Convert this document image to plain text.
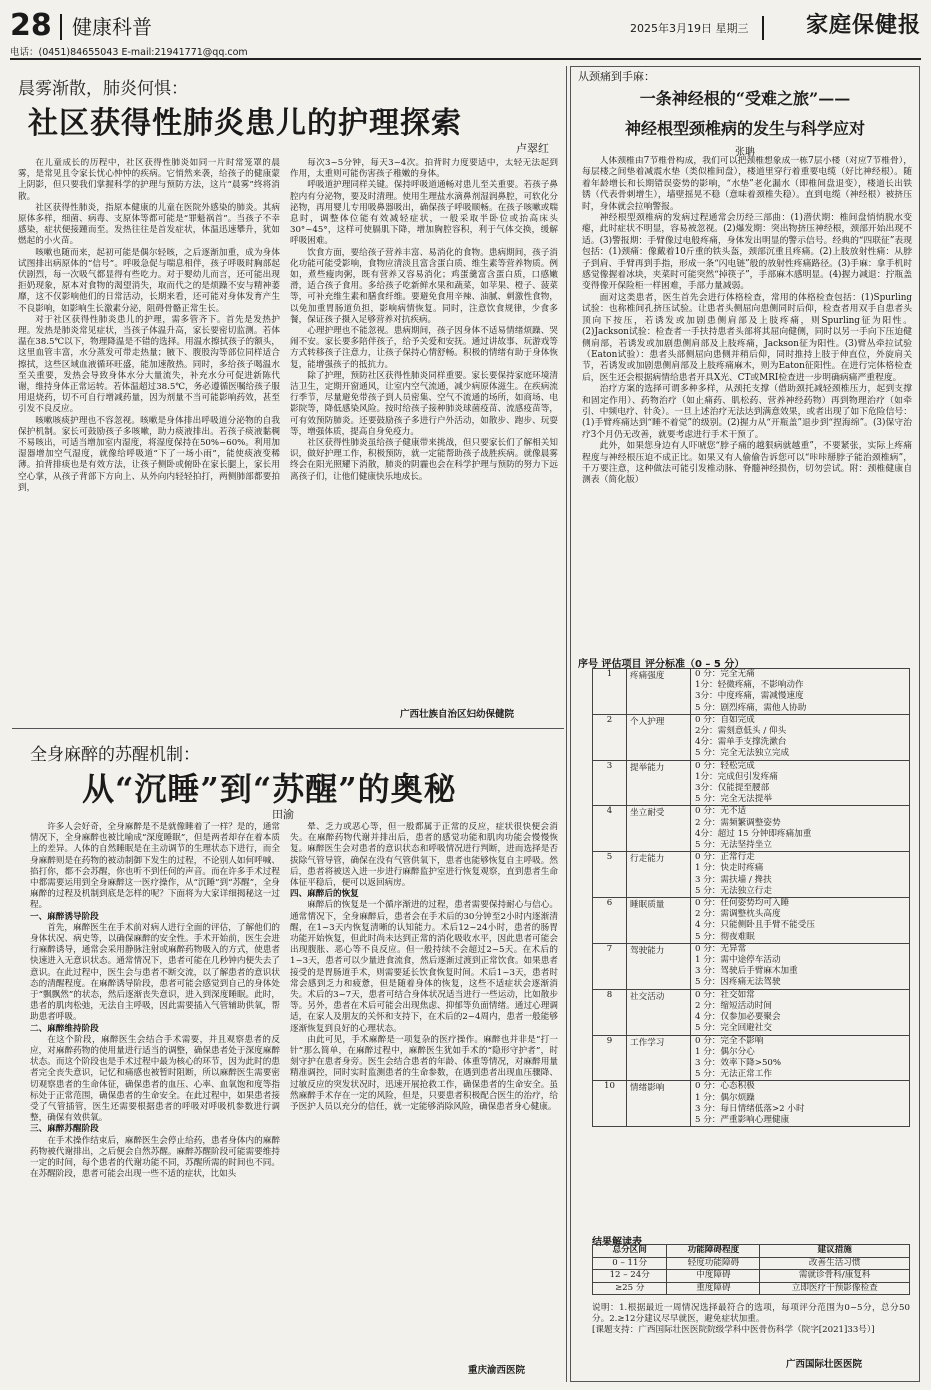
28 健康科普	2025年3月19日 星期三	家庭保健报
电话：(0451)84655043 E-mail:21941771@qq.com
晨雾渐散，肺炎何惧：
社区获得性肺炎患儿的护理探索
卢翠红

在儿童成长的历程中，社区获得性肺炎如同一片时常笼罩的晨雾，是常见且令家长忧心忡忡的疾病。它悄然来袭，给孩子的健康蒙上阴影，但只要我们掌握科学的护理与预防方法，这片“晨雾”终将消散。

社区获得性肺炎，指原本健康的儿童在医院外感染的肺炎。其病原体多样，细菌、病毒、支原体等都可能是“罪魁祸首”。当孩子不幸感染，症状便接踵而至。发热往往是首发症状，体温迅速攀升，犹如燃起的小火苗。

咳嗽也随而来，起初可能是偶尔轻咳，之后逐渐加重，成为身体试图排出病原体的“信号”。呼吸急促与喘息相伴，孩子呼吸时胸部起伏剧烈，每一次吸气都显得有些吃力。对于婴幼儿而言，还可能出现拒奶现象，原本对食物的渴望消失，取而代之的是烦躁不安与精神萎靡，这不仅影响他们的日常活动，长期来看，还可能对身体发育产生不良影响，如影响生长激素分泌，阻碍骨骼正常生长。

对于社区获得性肺炎患儿的护理，需多管齐下。首先是发热护理。发热是肺炎常见症状，当孩子体温升高，家长要密切监测。若体温在38.5℃以下，物理降温是不错的选择。用温水擦拭孩子的额头，这里血管丰富，水分蒸发可带走热量；腋下、腹股沟等部位同样适合擦拭，这些区域血液循环旺盛，能加速散热。同时，多给孩子喝温水至关重要，发热会导致身体水分大量流失，补充水分可促进新陈代谢，维持身体正常运转。若体温超过38.5℃，务必遵循医嘱给孩子服用退烧药，切不可自行增减药量，因为剂量不当可能影响药效，甚至引发不良反应。

咳嗽咳痰护理也不容忽视。咳嗽是身体排出呼吸道分泌物的自我保护机制。家长可鼓励孩子多咳嗽，助力痰液排出。若孩子痰液黏稠不易咳出，可适当增加室内湿度，将湿度保持在50%~60%。利用加湿器增加空气湿度，就像给呼吸道“下了一场小雨”，能使痰液变稀薄。拍背排痰也是有效方法，让孩子侧卧或俯卧在家长腿上，家长用空心掌，从孩子背部下方向上、从外向内轻轻拍打，两侧肺部都要拍到，

每次3~5分钟，每天3~4次。拍背时力度要适中，太轻无法起到作用，太重则可能伤害孩子稚嫩的身体。

呼吸道护理同样关键。保持呼吸道通畅对患儿至关重要。若孩子鼻腔内有分泌物，要及时清理。使用生理盐水滴鼻剂湿润鼻腔，可软化分泌物，再用婴儿专用吸鼻器吸出，确保孩子呼吸顺畅。在孩子咳嗽或喘息时，调整体位能有效减轻症状，一般采取半卧位或抬高床头30°~45°，这样可使膈肌下降，增加胸腔容积，利于气体交换，缓解呼吸困难。

饮食方面，要给孩子营养丰富、易消化的食物。患病期间，孩子消化功能可能受影响，食物应清淡且富含蛋白质、维生素等营养物质。例如，煮些瘦肉粥，既有营养又容易消化；鸡蛋羹富含蛋白质，口感嫩滑，适合孩子食用。多给孩子吃新鲜水果和蔬菜，如苹果、橙子、菠菜等，可补充维生素和膳食纤维。要避免食用辛辣、油腻、刺激性食物，以免加重胃肠道负担，影响病情恢复。同时，注意饮食规律，少食多餐，保证孩子摄入足够营养对抗疾病。

心理护理也不能忽视。患病期间，孩子因身体不适易情绪烦躁、哭闹不安。家长要多陪伴孩子，给予关爱和安抚。通过讲故事、玩游戏等方式转移孩子注意力，让孩子保持心情舒畅。积极的情绪有助于身体恢复，能增强孩子的抵抗力。

除了护理，预防社区获得性肺炎同样重要。家长要保持家庭环境清洁卫生，定期开窗通风，让室内空气流通，减少病原体滋生。在疾病流行季节，尽量避免带孩子到人员密集、空气不流通的场所，如商场、电影院等，降低感染风险。按时给孩子接种肺炎球菌疫苗、流感疫苗等，可有效预防肺炎。还要鼓励孩子多进行户外活动，如散步、跑步、玩耍等，增强体质，提高自身免疫力。

社区获得性肺炎虽给孩子健康带来挑战，但只要家长们了解相关知识，做好护理工作，积极预防，就一定能帮助孩子战胜疾病。就像晨雾终会在阳光照耀下消散，肺炎的阴霾也会在科学护理与预防的努力下远离孩子们，让他们健康快乐地成长。

广西壮族自治区妇幼保健院
全身麻醉的苏醒机制：
从“沉睡”到“苏醒”的奥秘
田渝

许多人会好奇，全身麻醉是不是就像睡着了一样？是的，通常情况下，全身麻醉也被比喻成“深度睡眠”，但是两者却存在着本质上的差异。人体的自然睡眠是在主动调节的生理状态下进行，而全身麻醉则是在药物的被动制御下发生的过程，不论别人如何呼喊、掐打你，都不会苏醒，你也听不到任何的声音。而在许多手术过程中都需要运用到全身麻醉这一医疗操作，从“沉睡”到“苏醒”，全身麻醉的过程及机制到底是怎样的呢？下面将为大家详细揭秘这一过程。

一、麻醉诱导阶段

首先，麻醉医生在手术前对病人进行全面的评估，了解他们的身体状况、病史等，以确保麻醉的安全性。手术开始前，医生会进行麻醉诱导，通常会采用静脉注射或麻醉药物吸入的方式，使患者快速进入无意识状态。通常情况下，患者可能在几秒钟内便失去了意识。在此过程中，医生会与患者不断交流，以了解患者的意识状态的清醒程度。在麻醉诱导阶段，患者可能会感觉到自己的身体处于“飘飘然”的状态，然后逐渐丧失意识，进入到深度睡眠。此时，患者的肌肉松弛，无法自主呼吸，因此需要插入气管辅助供氧，帮助患者呼吸。

二、麻醉维持阶段

在这个阶段，麻醉医生会结合手术需要，并且观察患者的反应，对麻醉药物的使用量进行适当的调整，确保患者处于深度麻醉状态。而这个阶段也是手术过程中最为核心的环节，因为此时的患者完全丧失意识，记忆和痛感也被暂时阻断，所以麻醉医生需要密切观察患者的生命体征，确保患者的血压、心率、血氧饱和度等指标处于正常范围，确保患者的生命安全。在此过程中，如果患者接受了气管插管，医生还需要根据患者的呼吸对呼吸机参数进行调整，确保有效供氧。

三、麻醉苏醒阶段

在手术操作结束后，麻醉医生会停止给药，患者身体内的麻醉药物被代谢排出，之后便会自然苏醒。麻醉苏醒阶段可能需要维持一定的时间，每个患者的代谢功能不同，苏醒所需的时间也不同。在苏醒阶段，患者可能会出现一些不适的症状，比如头

晕、乏力或恶心等，但一般都属于正常的反应，症状很快便会消失。在麻醉药物代谢并排出后，患者的感觉功能和肌肉功能会慢慢恢复。麻醉医生会对患者的意识状态和呼吸情况进行判断，进而选择是否拔除气管导管，确保在没有气管供氧下，患者也能够恢复自主呼吸。然后，患者将被送入进一步进行麻醉监护室进行恢复观察，直到患者生命体征平稳后，便可以返回病房。

四、麻醉后的恢复

麻醉后的恢复是一个循序渐进的过程，患者需要保持耐心与信心。通常情况下，全身麻醉后，患者会在手术后的30分钟至2小时内逐渐清醒，在1~3天内恢复清晰的认知能力。术后12~24小时，患者的肠胃功能开始恢复，但此时尚未达到正常的消化吸收水平，因此患者可能会出现腹胀、恶心等不良反应。但一般持续不会超过2~5天。在术后的1~3天，患者可以少量进食流食，然后逐渐过渡到正常饮食。如果患者接受的是胃肠道手术，则需要延长饮食恢复时间。术后1~3天，患者时常会感到乏力和疲惫，但是随着身体的恢复，这些不适症状会逐渐消失。术后的3~7天，患者可结合身体状况适当进行一些运动，比如散步等。另外，患者在术后可能会出现焦虑、抑郁等负面情绪。通过心理调适，在家人及朋友的关怀和支持下，在术后的2~4周内，患者一般能够逐渐恢复到良好的心理状态。

由此可见，手术麻醉是一项复杂的医疗操作。麻醉也并非是“打一针”那么简单，在麻醉过程中，麻醉医生犹如手术的“隐形守护者”，时刻守护在患者身旁。医生会结合患者的年龄、体重等情况，对麻醉用量精准调控，同时实时监测患者的生命参数，在遇到患者出现血压骤降、过敏反应的突发状况时，迅速开展抢救工作，确保患者的生命安全。虽然麻醉手术存在一定的风险，但是，只要患者积极配合医生的治疗，给予医护人员以充分的信任，就一定能够消除风险，确保患者身心健康。

重庆渝西医院
从颈痛到手麻：
一条神经根的“受难之旅”——
神经根型颈椎病的发生与科学应对
张聃

人体颈椎由7节椎骨构成，我们可以把颈椎想象成一栋7层小楼（对应7节椎骨），每层楼之间垫着减震水垫（类似椎间盘），楼道里穿行着重要电缆（好比神经根）。随着年龄增长和长期错误姿势的影响，“水垫”老化漏水（即椎间盘退变），楼道长出铁锈（代表骨刺增生），墙壁摇晃不稳（意味着颈椎失稳）。直到电缆（神经根）被挤压时，身体就会拉响警报。

神经根型颈椎病的发病过程通常会历经三部曲：(1)潜伏期：椎间盘悄悄脱水变瘪，此时症状不明显，容易被忽视。(2)爆发期：突出物挤压神经根，颈部开始出现不适。(3)警报期：手臂像过电般疼痛，身体发出明显的警示信号。经典的“四联征”表现包括：(1)颈痛：像戴着10斤重的铁头盔，颈部沉重且疼痛。(2)上肢放射性痛：从脖子到肩、手臂再到手指，形成一条“闪电链”般的放射性疼痛路径。(3)手麻：拿手机时感觉像握着冰块，夹菜时可能突然“掉筷子”，手部麻木感明显。(4)握力减退：拧瓶盖变得像开保险柜一样困难，手部力量减弱。

面对这类患者，医生首先会进行体格检查，常用的体格检查包括：(1)Spurling试验：也称椎间孔挤压试验。让患者头侧屈向患侧同时后仰，检查者用双手自患者头顶向下按压，若诱发或加剧患侧肩部及上肢疼痛，则Spurling征为阳性。(2)Jackson试验：检查者一手扶持患者头部将其屈向健侧，同时以另一手向下压迫健侧肩部，若诱发或加剧患侧肩部及上肢疼痛，Jackson征为阳性。(3)臂丛牵拉试验（Eaton试验）：患者头部侧屈向患侧并稍后仰，同时推持上肢于伸直位，外旋肩关节，若诱发或加剧患侧肩部及上肢疼痛麻木，则为Eaton征阳性。在进行完体格检查后，医生还会根据病情给患者开具X光、CT或MRI检查进一步明确病痛严重程度。

治疗方案的选择可谓多种多样，从颈托支撑（借助颈托减轻颈椎压力，起到支撑和固定作用）、药物治疗（如止痛药、肌松药、营养神经药物）再到物理治疗（如牵引、中频电疗、针灸）。一旦上述治疗无法达到满意效果，或者出现了如下危险信号：(1)手臂疼痛达到“睡不着觉”的级别。(2)握力从“开瓶盖”退步到“捏海绵”。(3)保守治疗3个月仍无改善，就要考虑进行手术干预了。

此外，如果您身边有人吓唬您“脖子痛的越狠病就越重”，不要紧张，实际上疼痛程度与神经根压迫不成正比。如果又有人偷偷告诉您可以“咔咔掰脖子能治颈椎病”，千万要注意，这种做法可能引发椎动脉、脊髓神经损伤，切勿尝试。附：颈椎健康自测表（简化版）

序号 评估项目 评分标准（0 – 5 分）
1	疼痛强度	0 分：完全无痛
1分：轻微疼痛，不影响动作
3分：中度疼痛，需减慢速度
5 分：剧烈疼痛，需他人协助

2	个人护理	0 分：自如完成
2分：需刻意低头 / 仰头
4分：需单手支撑洗漱台
5 分：完全无法独立完成

3	提举能力	0 分：轻松完成
1分：完成但引发疼痛
3分：仅能提至腰部
5 分：完全无法提举

4	坐立耐受	0 分：无不适
2 分：需频繁调整姿势
4分：超过 15 分钟即疼痛加重
5 分：无法坚持坐立

5	行走能力	0 分：正常行走
1 分：快走时疼痛
3 分：需扶墙 / 搀扶
5 分：无法独立行走

6	睡眠质量	0 分：任何姿势均可入睡
2 分：需调整枕头高度
4 分：只能侧卧且手臂不能受压
5 分：彻夜难眠

7	驾驶能力	0 分：无异常
1 分：需中途停车活动
3 分：驾驶后手臂麻木加重
5 分：因疼痛无法驾驶

8	社交活动	0 分：社交如常
2 分：缩短活动时间
4 分：仅参加必要聚会
5 分：完全回避社交

9	工作学习	0 分：完全不影响
1 分：偶尔分心
3 分：效率下降>50%
5 分：无法正常工作

10	情绪影响	0 分：心态积极
1 分：偶尔烦躁
3 分：每日情绪低落>2 小时
5 分：严重影响心理健康
结果解读表
总分区间	功能障碍程度	建议措施
0 – 11分	轻度功能障碍	改善生活习惯
12 – 24分	中度障碍	需就诊骨科/康复科
≥25 分	重度障碍	立即医疗干预影像检查
说明：1.根据最近一周情况选择最符合的选项，每项评分范围为0~5分，总分50分。2.≥12分建议尽早就医，避免症状加重。
[课题支持：广西国际壮医医院院级学科中医骨伤科学（院字[2021]33号）]
广西国际壮医医院
